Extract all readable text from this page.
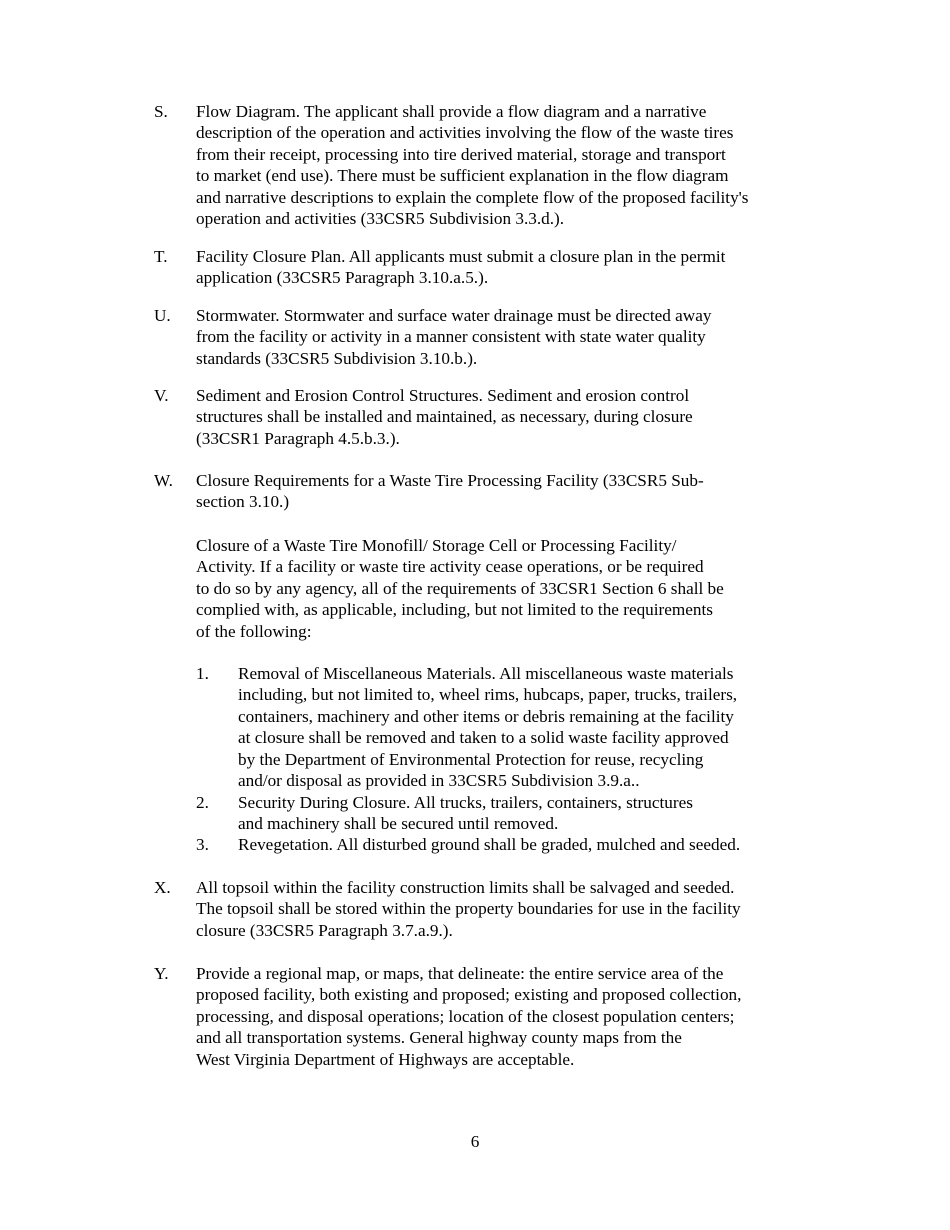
S. Flow Diagram. The applicant shall provide a flow diagram and a narrative
description of the operation and activities involving the flow of the waste tires
from their receipt, processing into tire derived material, storage and transport
to market (end use). There must be sufficient explanation in the flow diagram
and narrative descriptions to explain the complete flow of the proposed facility's
operation and activities (33CSR5 Subdivision 3.3.d.).
T. Facility Closure Plan. All applicants must submit a closure plan in the permit
application (33CSR5 Paragraph 3.10.a.5.).
U. Stormwater. Stormwater and surface water drainage must be directed away
from the facility or activity in a manner consistent with state water quality
standards (33CSR5 Subdivision 3.10.b.).
V. Sediment and Erosion Control Structures. Sediment and erosion control
structures shall be installed and maintained, as necessary, during closure
(33CSR1 Paragraph 4.5.b.3.).
W. Closure Requirements for a Waste Tire Processing Facility (33CSR5 Sub-
section 3.10.)
Closure of a Waste Tire Monofill/ Storage Cell or Processing Facility/
Activity. If a facility or waste tire activity cease operations, or be required
to do so by any agency, all of the requirements of 33CSR1 Section 6 shall be
complied with, as applicable, including, but not limited to the requirements
of the following:
1. Removal of Miscellaneous Materials. All miscellaneous waste materials
including, but not limited to, wheel rims, hubcaps, paper, trucks, trailers,
containers, machinery and other items or debris remaining at the facility
at closure shall be removed and taken to a solid waste facility approved
by the Department of Environmental Protection for reuse, recycling
and/or disposal as provided in 33CSR5 Subdivision 3.9.a..
2. Security During Closure. All trucks, trailers, containers, structures
and machinery shall be secured until removed.
3. Revegetation. All disturbed ground shall be graded, mulched and seeded.
X. All topsoil within the facility construction limits shall be salvaged and seeded.
The topsoil shall be stored within the property boundaries for use in the facility
closure (33CSR5 Paragraph 3.7.a.9.).
Y. Provide a regional map, or maps, that delineate: the entire service area of the
proposed facility, both existing and proposed; existing and proposed collection,
processing, and disposal operations; location of the closest population centers;
and all transportation systems. General highway county maps from the
West Virginia Department of Highways are acceptable.
6
